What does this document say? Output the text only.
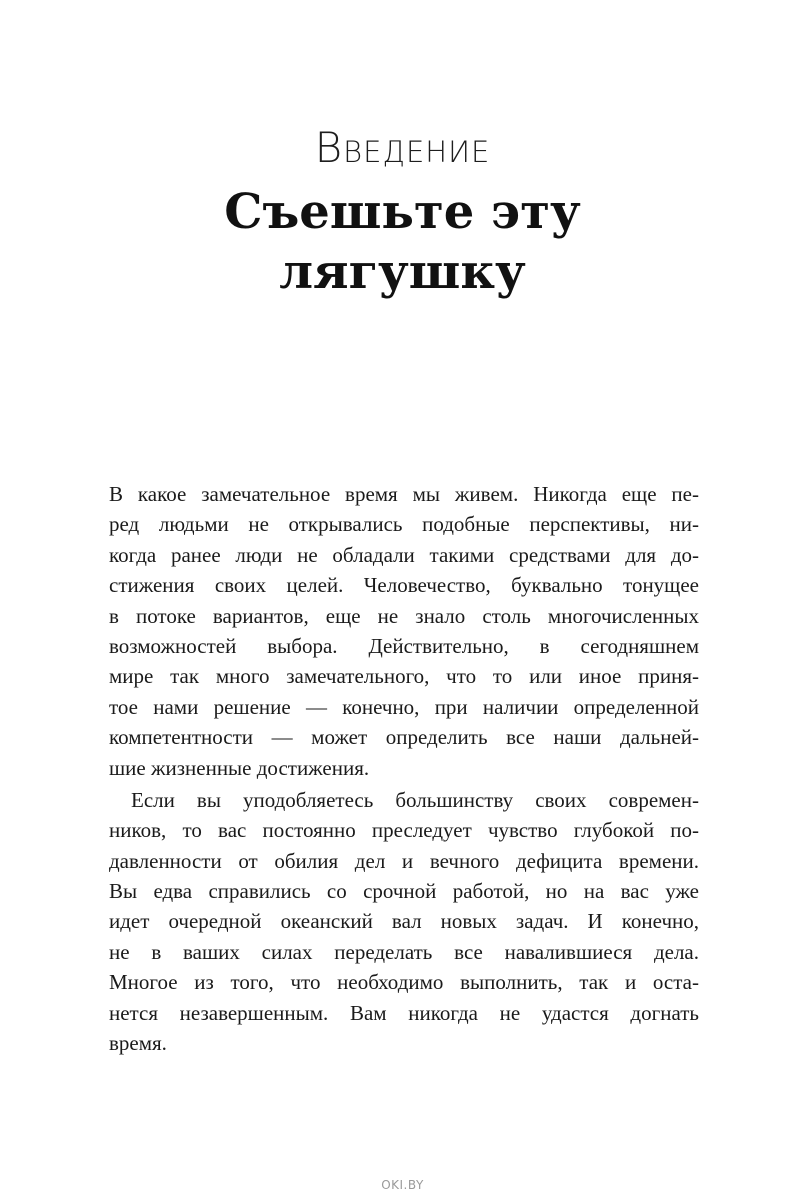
Введение
Съешьте эту
лягушку
В какое замечательное время мы живем. Никогда еще пе-
ред людьми не открывались подобные перспективы, ни-
когда ранее люди не обладали такими средствами для до-
стижения своих целей. Человечество, буквально тонущее
в потоке вариантов, еще не знало столь многочисленных
возможностей выбора. Действительно, в сегодняшнем
мире так много замечательного, что то или иное приня-
тое нами решение — конечно, при наличии определенной
компетентности — может определить все наши дальней-
шие жизненные достижения.
Если вы уподобляетесь большинству своих современ-
ников, то вас постоянно преследует чувство глубокой по-
давленности от обилия дел и вечного дефицита времени.
Вы едва справились со срочной работой, но на вас уже
идет очередной океанский вал новых задач. И конечно,
не в ваших силах переделать все навалившиеся дела.
Многое из того, что необходимо выполнить, так и оста-
нется незавершенным. Вам никогда не удастся догнать
время.
OKI.BY
